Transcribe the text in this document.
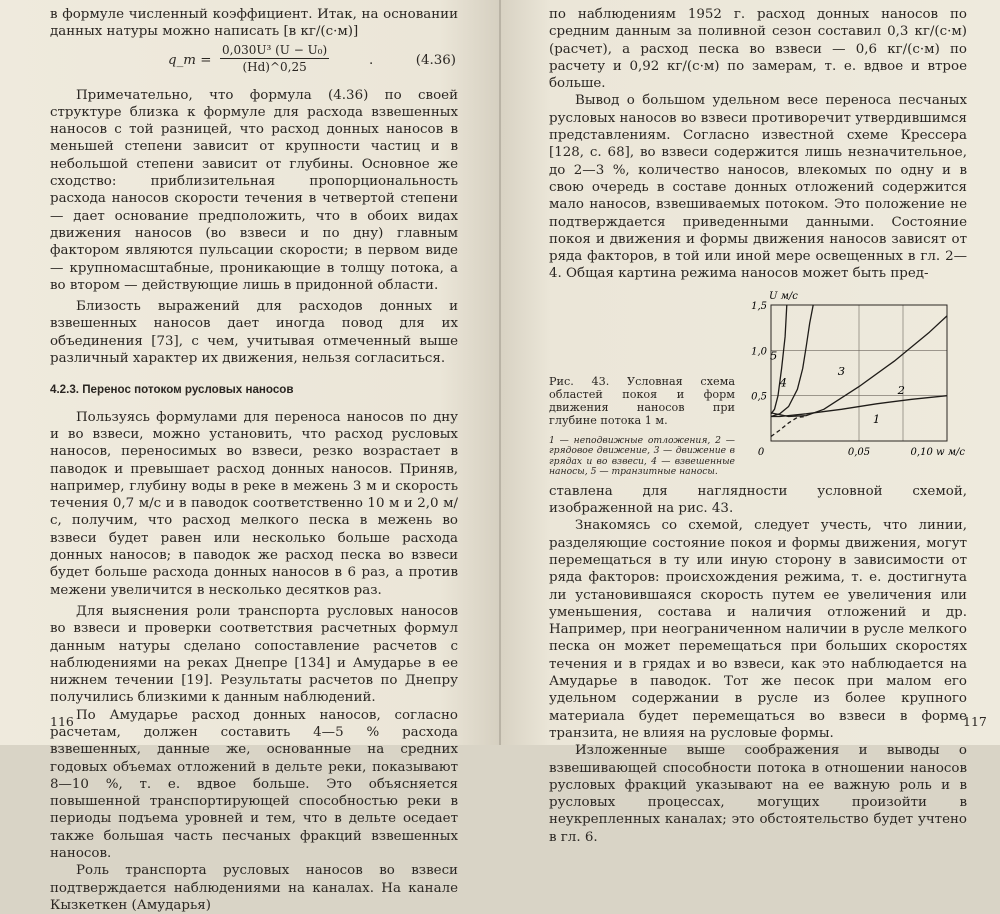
в формуле численный коэффициент. Итак, на основании данных натуры можно написать [в кг/(с·м)]

q_т = $\frac{\text{0,030U³ (U − U₀)}}{(Hd)\^{}0,25}$	.	(4.36)

Примечательно, что формула (4.36) по своей структуре близка к формуле для расхода взвешенных наносов с той разницей, что расход донных наносов в меньшей степени зависит от крупности частиц и в небольшой степени зависит от глубины. Основное же сходство: приблизительная пропорциональность расхода наносов скорости течения в четвертой степени — дает основание предположить, что в обоих видах движения наносов (во взвеси и по дну) главным фактором являются пульсации скорости; в первом виде — крупномасштабные, проникающие в толщу потока, а во втором — действующие лишь в придонной области.

Близость выражений для расходов донных и взвешенных наносов дает иногда повод для их объединения [73], с чем, учитывая отмеченный выше различный характер их движения, нельзя согласиться.

4.2.3. Перенос потоком русловых наносов

Пользуясь формулами для переноса наносов по дну и во взвеси, можно установить, что расход русловых наносов, переносимых во взвеси, резко возрастает в паводок и превышает расход донных наносов. Приняв, например, глубину воды в реке в межень 3 м и скорость течения 0,7 м/с и в паводок соответственно 10 м и 2,0 м/с, получим, что расход мелкого песка в межень во взвеси будет равен или несколько больше расхода донных наносов; в паводок же расход песка во взвеси будет больше расхода донных наносов в 6 раз, а против межени увеличится в несколько десятков раз.

Для выяснения роли транспорта русловых наносов во взвеси и проверки соответствия расчетных формул данным натуры сделано сопоставление расчетов с наблюдениями на реках Днепре [134] и Амударье в ее нижнем течении [19]. Результаты расчетов по Днепру получились близкими к данным наблюдений.

По Амударье расход донных наносов, согласно расчетам, должен составить 4—5 % расхода взвешенных, данные же, основанные на средних годовых объемах отложений в дельте реки, показывают 8—10 %, т. е. вдвое больше. Это объясняется повышенной транспортирующей способностью реки в периоды подъема уровней и тем, что в дельте оседает также большая часть песчаных фракций взвешенных наносов.

Роль транспорта русловых наносов во взвеси подтверждается наблюдениями на каналах. На канале Кызкеткен (Амударья)

116

по наблюдениям 1952 г. расход донных наносов по средним данным за поливной сезон составил 0,3 кг/(с·м) (расчет), а расход песка во взвеси — 0,6 кг/(с·м) по расчету и 0,92 кг/(с·м) по замерам, т. е. вдвое и втрое больше.

Вывод о большом удельном весе переноса песчаных русловых наносов во взвеси противоречит утвердившимся представлениям. Согласно известной схеме Крессера [128, с. 68], во взвеси содержится лишь незначительное, до 2—3 %, количество наносов, влекомых по одну и в свою очередь в составе донных отложений содержится мало наносов, взвешиваемых потоком. Это положение не подтверждается приведенными данными. Состояние покоя и движения и формы движения наносов зависят от ряда факторов, в той или иной мере освещенных в гл. 2—4. Общая картина режима наносов может быть пред-

Рис. 43. Условная схема областей покоя и форм движения наносов при глубине потока 1 м.
1 — неподвижные отложения, 2 — грядовое движение, 3 — движение в грядах и во взвеси, 4 — взвешенные наносы, 5 — транзитные наносы.
0,5
1,0
1,5
0	0,05
U м/с
0,10 w м/с
1
2
3
4
5

ставлена для наглядности условной схемой, изображенной на рис. 43.

Знакомясь со схемой, следует учесть, что линии, разделяющие состояние покоя и формы движения, могут перемещаться в ту или иную сторону в зависимости от ряда факторов: происхождения режима, т. е. достигнута ли установившаяся скорость путем ее увеличения или уменьшения, состава и наличия отложений и др. Например, при неограниченном наличии в русле мелкого песка он может перемещаться при больших скоростях течения и в грядах и во взвеси, как это наблюдается на Амударье в паводок. Тот же песок при малом его удельном содержании в русле из более крупного материала будет перемещаться во взвеси в форме транзита, не влияя на русловые формы.

Изложенные выше соображения и выводы о взвешивающей способности потока в отношении наносов русловых фракций указывают на ее важную роль и в русловых процессах, могущих произойти в неукрепленных каналах; это обстоятельство будет учтено в гл. 6.

117
